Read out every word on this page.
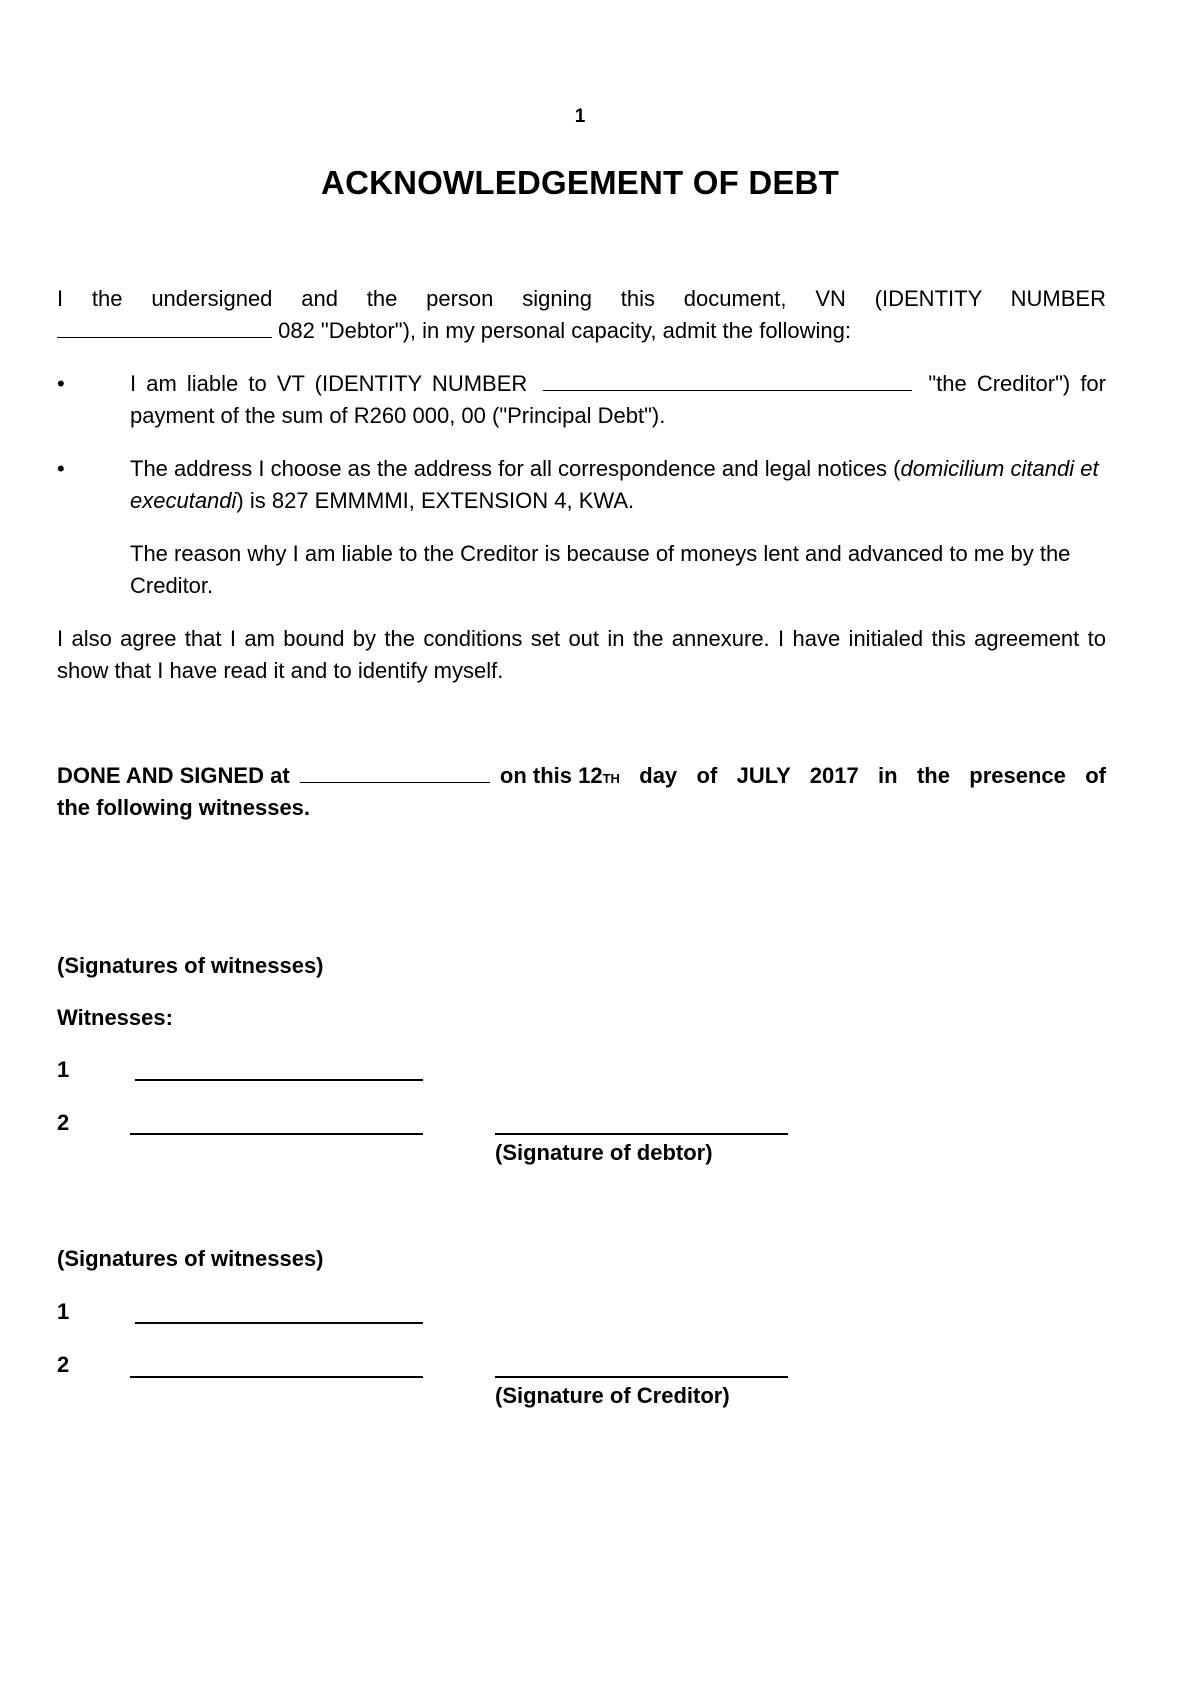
1
ACKNOWLEDGEMENT OF DEBT
I the undersigned and the person signing this document, VN (IDENTITY NUMBER
082 "Debtor"), in my personal capacity, admit the following:
•	I am liable to VT (IDENTITY NUMBER	"the Creditor") for
payment of the sum of R260 000, 00 ("Principal Debt").
•	The address I choose as the address for all correspondence and legal notices (domicilium citandi et executandi) is 827 EMMMMI, EXTENSION 4, KWA.
The reason why I am liable to the Creditor is because of moneys lent and advanced to me by the Creditor.
I also agree that I am bound by the conditions set out in the annexure. I have initialed this agreement to show that I have read it and to identify myself.
DONE AND SIGNED at	on this 12 TH day of JULY 2017 in the presence of
the following witnesses.
(Signatures of witnesses)
Witnesses:
1
2
(Signature of debtor)
(Signatures of witnesses)
1
2
(Signature of Creditor)
